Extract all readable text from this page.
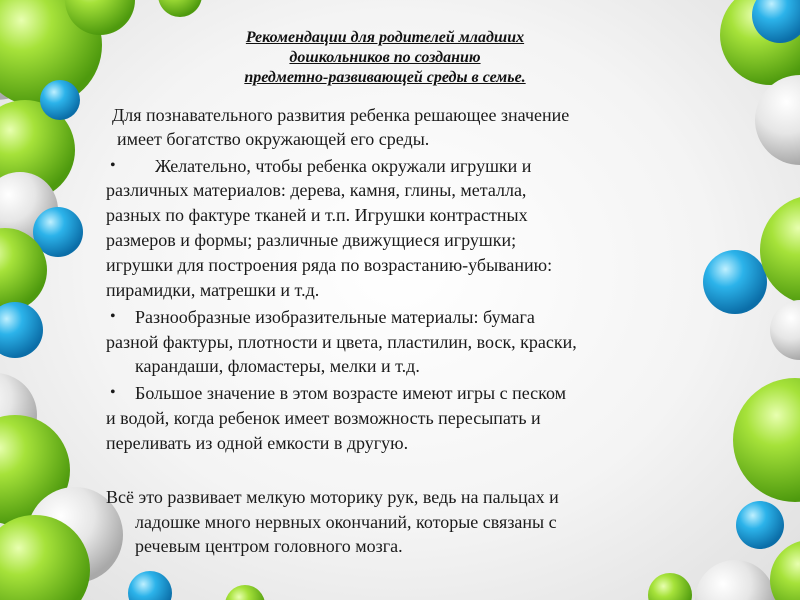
Рекомендации для родителей младших
дошкольников по созданию
предметно-развивающей среды в семье.
Для познавательного развития ребенка решающее значение
имеет богатство окружающей его среды.
• Желательно, чтобы ребенка окружали игрушки и
различных материалов: дерева, камня, глины, металла,
разных по фактуре тканей и т.п. Игрушки контрастных
размеров и формы; различные движущиеся игрушки;
игрушки для построения ряда по возрастанию-убыванию:
пирамидки, матрешки и т.д.
• Разнообразные изобразительные материалы: бумага
разной фактуры, плотности и цвета, пластилин, воск, краски,
карандаши, фломастеры, мелки и т.д.
• Большое значение в этом возрасте имеют игры с песком
и водой, когда ребенок имеет возможность пересыпать и
переливать из одной емкости в другую.
Всё это развивает мелкую моторику рук, ведь на пальцах и
ладошке много нервных окончаний, которые связаны с
речевым центром головного мозга.
